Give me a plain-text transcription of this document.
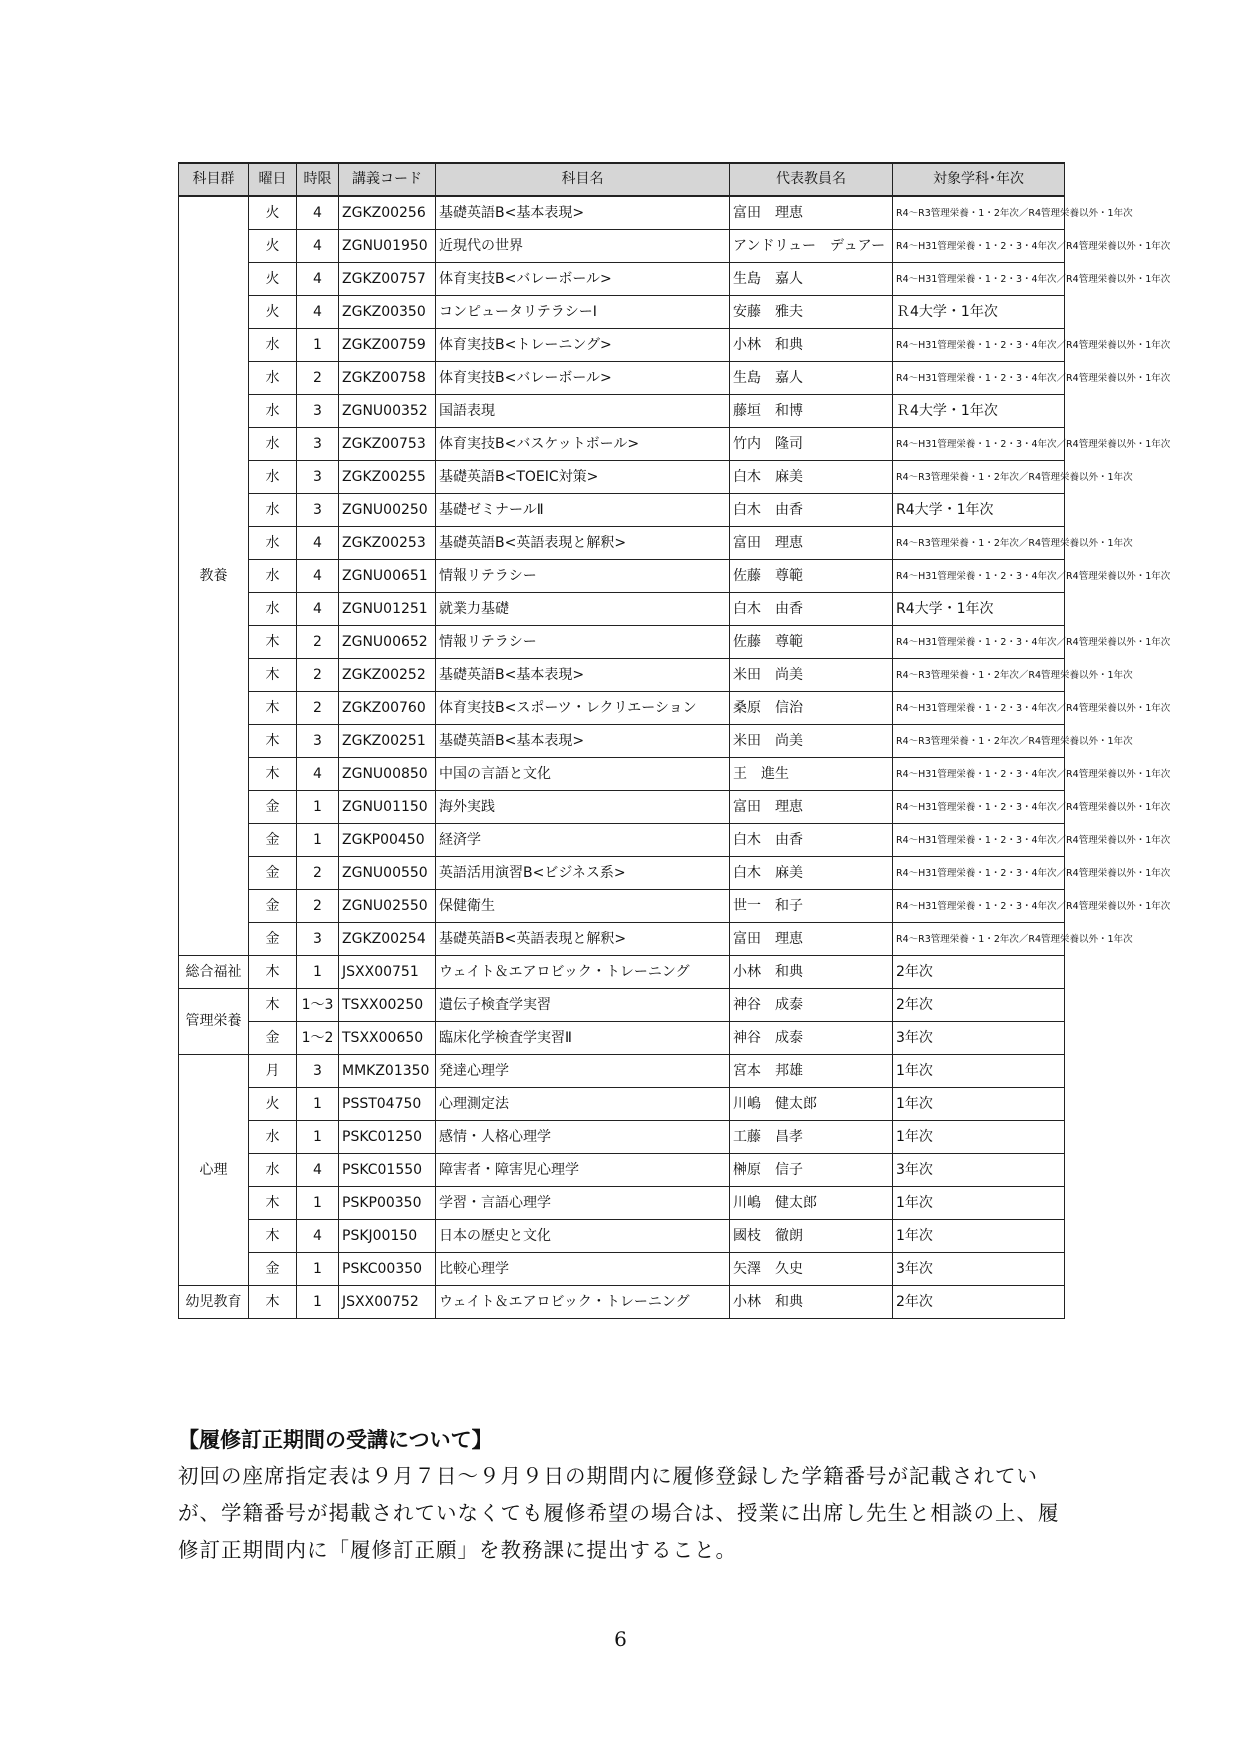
科目群	曜日	時限	講義コード	科目名	代表教員名	対象学科･年次
教養	火	4	ZGKZ00256	基礎英語B<基本表現>	富田　理恵	R4～R3管理栄養・1・2年次／R4管理栄養以外・1年次
	火	4	ZGNU01950	近現代の世界	アンドリュー　デュアー	R4～H31管理栄養・1・2・3・4年次／R4管理栄養以外・1年次
	火	4	ZGKZ00757	体育実技B<バレーボール>	生島　嘉人	R4～H31管理栄養・1・2・3・4年次／R4管理栄養以外・1年次
	火	4	ZGKZ00350	コンピュータリテラシーⅠ	安藤　雅夫	Ｒ4大学・1年次
	水	1	ZGKZ00759	体育実技B<トレーニング>	小林　和典	R4～H31管理栄養・1・2・3・4年次／R4管理栄養以外・1年次
	水	2	ZGKZ00758	体育実技B<バレーボール>	生島　嘉人	R4～H31管理栄養・1・2・3・4年次／R4管理栄養以外・1年次
	水	3	ZGNU00352	国語表現	藤垣　和博	Ｒ4大学・1年次
	水	3	ZGKZ00753	体育実技B<バスケットボール>	竹内　隆司	R4～H31管理栄養・1・2・3・4年次／R4管理栄養以外・1年次
	水	3	ZGKZ00255	基礎英語B<TOEIC対策>	白木　麻美	R4～R3管理栄養・1・2年次／R4管理栄養以外・1年次
	水	3	ZGNU00250	基礎ゼミナールⅡ	白木　由香	R4大学・1年次
	水	4	ZGKZ00253	基礎英語B<英語表現と解釈>	富田　理恵	R4～R3管理栄養・1・2年次／R4管理栄養以外・1年次
	水	4	ZGNU00651	情報リテラシー	佐藤　尊範	R4～H31管理栄養・1・2・3・4年次／R4管理栄養以外・1年次
	水	4	ZGNU01251	就業力基礎	白木　由香	R4大学・1年次
	木	2	ZGNU00652	情報リテラシー	佐藤　尊範	R4～H31管理栄養・1・2・3・4年次／R4管理栄養以外・1年次
	木	2	ZGKZ00252	基礎英語B<基本表現>	米田　尚美	R4～R3管理栄養・1・2年次／R4管理栄養以外・1年次
	木	2	ZGKZ00760	体育実技B<スポーツ・レクリエーション	桑原　信治	R4～H31管理栄養・1・2・3・4年次／R4管理栄養以外・1年次
	木	3	ZGKZ00251	基礎英語B<基本表現>	米田　尚美	R4～R3管理栄養・1・2年次／R4管理栄養以外・1年次
	木	4	ZGNU00850	中国の言語と文化	王　進生	R4～H31管理栄養・1・2・3・4年次／R4管理栄養以外・1年次
	金	1	ZGNU01150	海外実践	富田　理恵	R4～H31管理栄養・1・2・3・4年次／R4管理栄養以外・1年次
	金	1	ZGKP00450	経済学	白木　由香	R4～H31管理栄養・1・2・3・4年次／R4管理栄養以外・1年次
	金	2	ZGNU00550	英語活用演習B<ビジネス系>	白木　麻美	R4～H31管理栄養・1・2・3・4年次／R4管理栄養以外・1年次
	金	2	ZGNU02550	保健衛生	世一　和子	R4～H31管理栄養・1・2・3・4年次／R4管理栄養以外・1年次
	金	3	ZGKZ00254	基礎英語B<英語表現と解釈>	富田　理恵	R4～R3管理栄養・1・2年次／R4管理栄養以外・1年次
総合福祉	木	1	JSXX00751	ウェイト＆エアロビック・トレーニング	小林　和典	2年次
管理栄養	木	1～3	TSXX00250	遺伝子検査学実習	神谷　成泰	2年次
	金	1～2	TSXX00650	臨床化学検査学実習Ⅱ	神谷　成泰	3年次
心理	月	3	MMKZ01350	発達心理学	宮本　邦雄	1年次
	火	1	PSST04750	心理測定法	川嶋　健太郎	1年次
	水	1	PSKC01250	感情・人格心理学	工藤　昌孝	1年次
	水	4	PSKC01550	障害者・障害児心理学	榊原　信子	3年次
	木	1	PSKP00350	学習・言語心理学	川嶋　健太郎	1年次
	木	4	PSKJ00150	日本の歴史と文化	國枝　徹朗	1年次
	金	1	PSKC00350	比較心理学	矢澤　久史	3年次
幼児教育	木	1	JSXX00752	ウェイト＆エアロビック・トレーニング	小林　和典	2年次
【履修訂正期間の受講について】

初回の座席指定表は９月７日～９月９日の期間内に履修登録した学籍番号が記載されていが、学籍番号が掲載されていなくても履修希望の場合は、授業に出席し先生と相談の上、履修訂正期間内に「履修訂正願」を教務課に提出すること。

6
